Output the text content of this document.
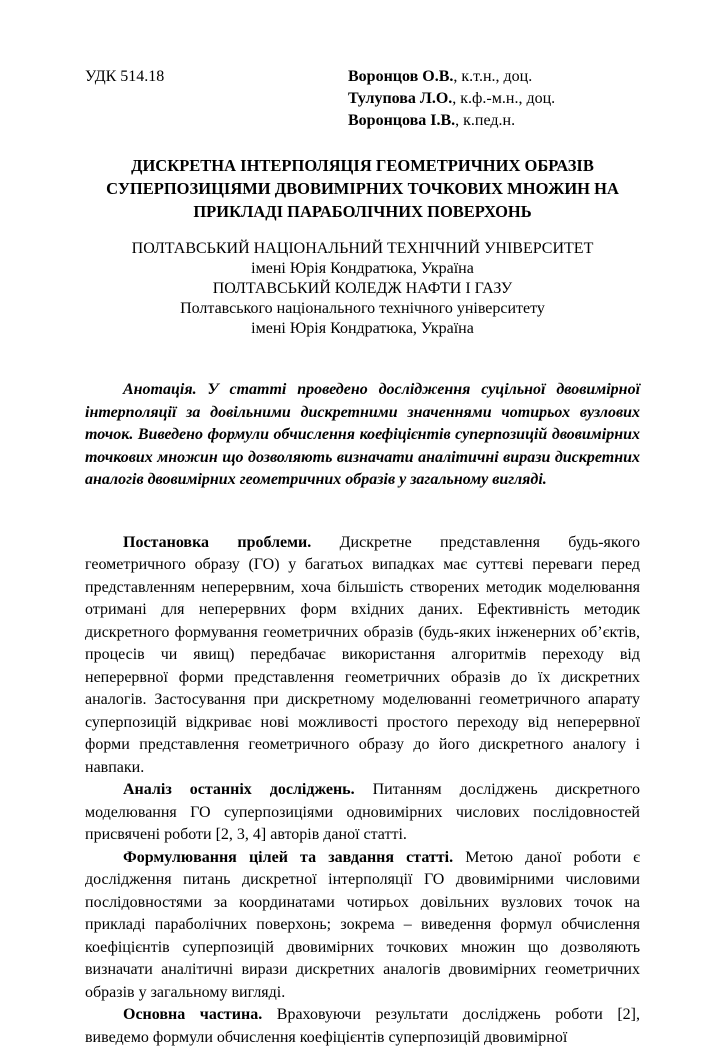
УДК 514.18	Воронцов О.В., к.т.н., доц.
Тулупова Л.О., к.ф.-м.н., доц.
Воронцова І.В., к.пед.н.
ДИСКРЕТНА ІНТЕРПОЛЯЦІЯ ГЕОМЕТРИЧНИХ ОБРАЗІВ СУПЕРПОЗИЦІЯМИ ДВОВИМІРНИХ ТОЧКОВИХ МНОЖИН НА ПРИКЛАДІ ПАРАБОЛІЧНИХ ПОВЕРХОНЬ
ПОЛТАВСЬКИЙ НАЦІОНАЛЬНИЙ ТЕХНІЧНИЙ УНІВЕРСИТЕТ
імені Юрія Кондратюка, Україна
ПОЛТАВСЬКИЙ КОЛЕДЖ НАФТИ І ГАЗУ
Полтавського національного технічного університету
імені Юрія Кондратюка, Україна

Анотація. У статті проведено дослідження суцільної двовимірної інтерполяції за довільними дискретними значеннями чотирьох вузлових точок. Виведено формули обчислення коефіцієнтів суперпозицій двовимірних точкових множин що дозволяють визначати аналітичні вирази дискретних аналогів двовимірних геометричних образів у загальному вигляді.

Постановка проблеми. Дискретне представлення будь-якого геометричного образу (ГО) у багатьох випадках має суттєві переваги перед представленням неперервним, хоча більшість створених методик моделювання отримані для неперервних форм вхідних даних. Ефективність методик дискретного формування геометричних образів (будь-яких інженерних об’єктів, процесів чи явищ) передбачає використання алгоритмів переходу від неперервної форми представлення геометричних образів до їх дискретних аналогів. Застосування при дискретному моделюванні геометричного апарату суперпозицій відкриває нові можливості простого переходу від неперервної форми представлення геометричного образу до його дискретного аналогу і навпаки.

Аналіз останніх досліджень. Питанням досліджень дискретного моделювання ГО суперпозиціями одновимірних числових послідовностей присвячені роботи [2, 3, 4] авторів даної статті.

Формулювання цілей та завдання статті. Метою даної роботи є дослідження питань дискретної інтерполяції ГО двовимірними числовими послідовностями за координатами чотирьох довільних вузлових точок на прикладі параболічних поверхонь; зокрема – виведення формул обчислення коефіцієнтів суперпозицій двовимірних точкових множин що дозволяють визначати аналітичні вирази дискретних аналогів двовимірних геометричних образів у загальному вигляді.

Основна частина. Враховуючи результати досліджень роботи [2], виведемо формули обчислення коефіцієнтів суперпозицій двовимірної
